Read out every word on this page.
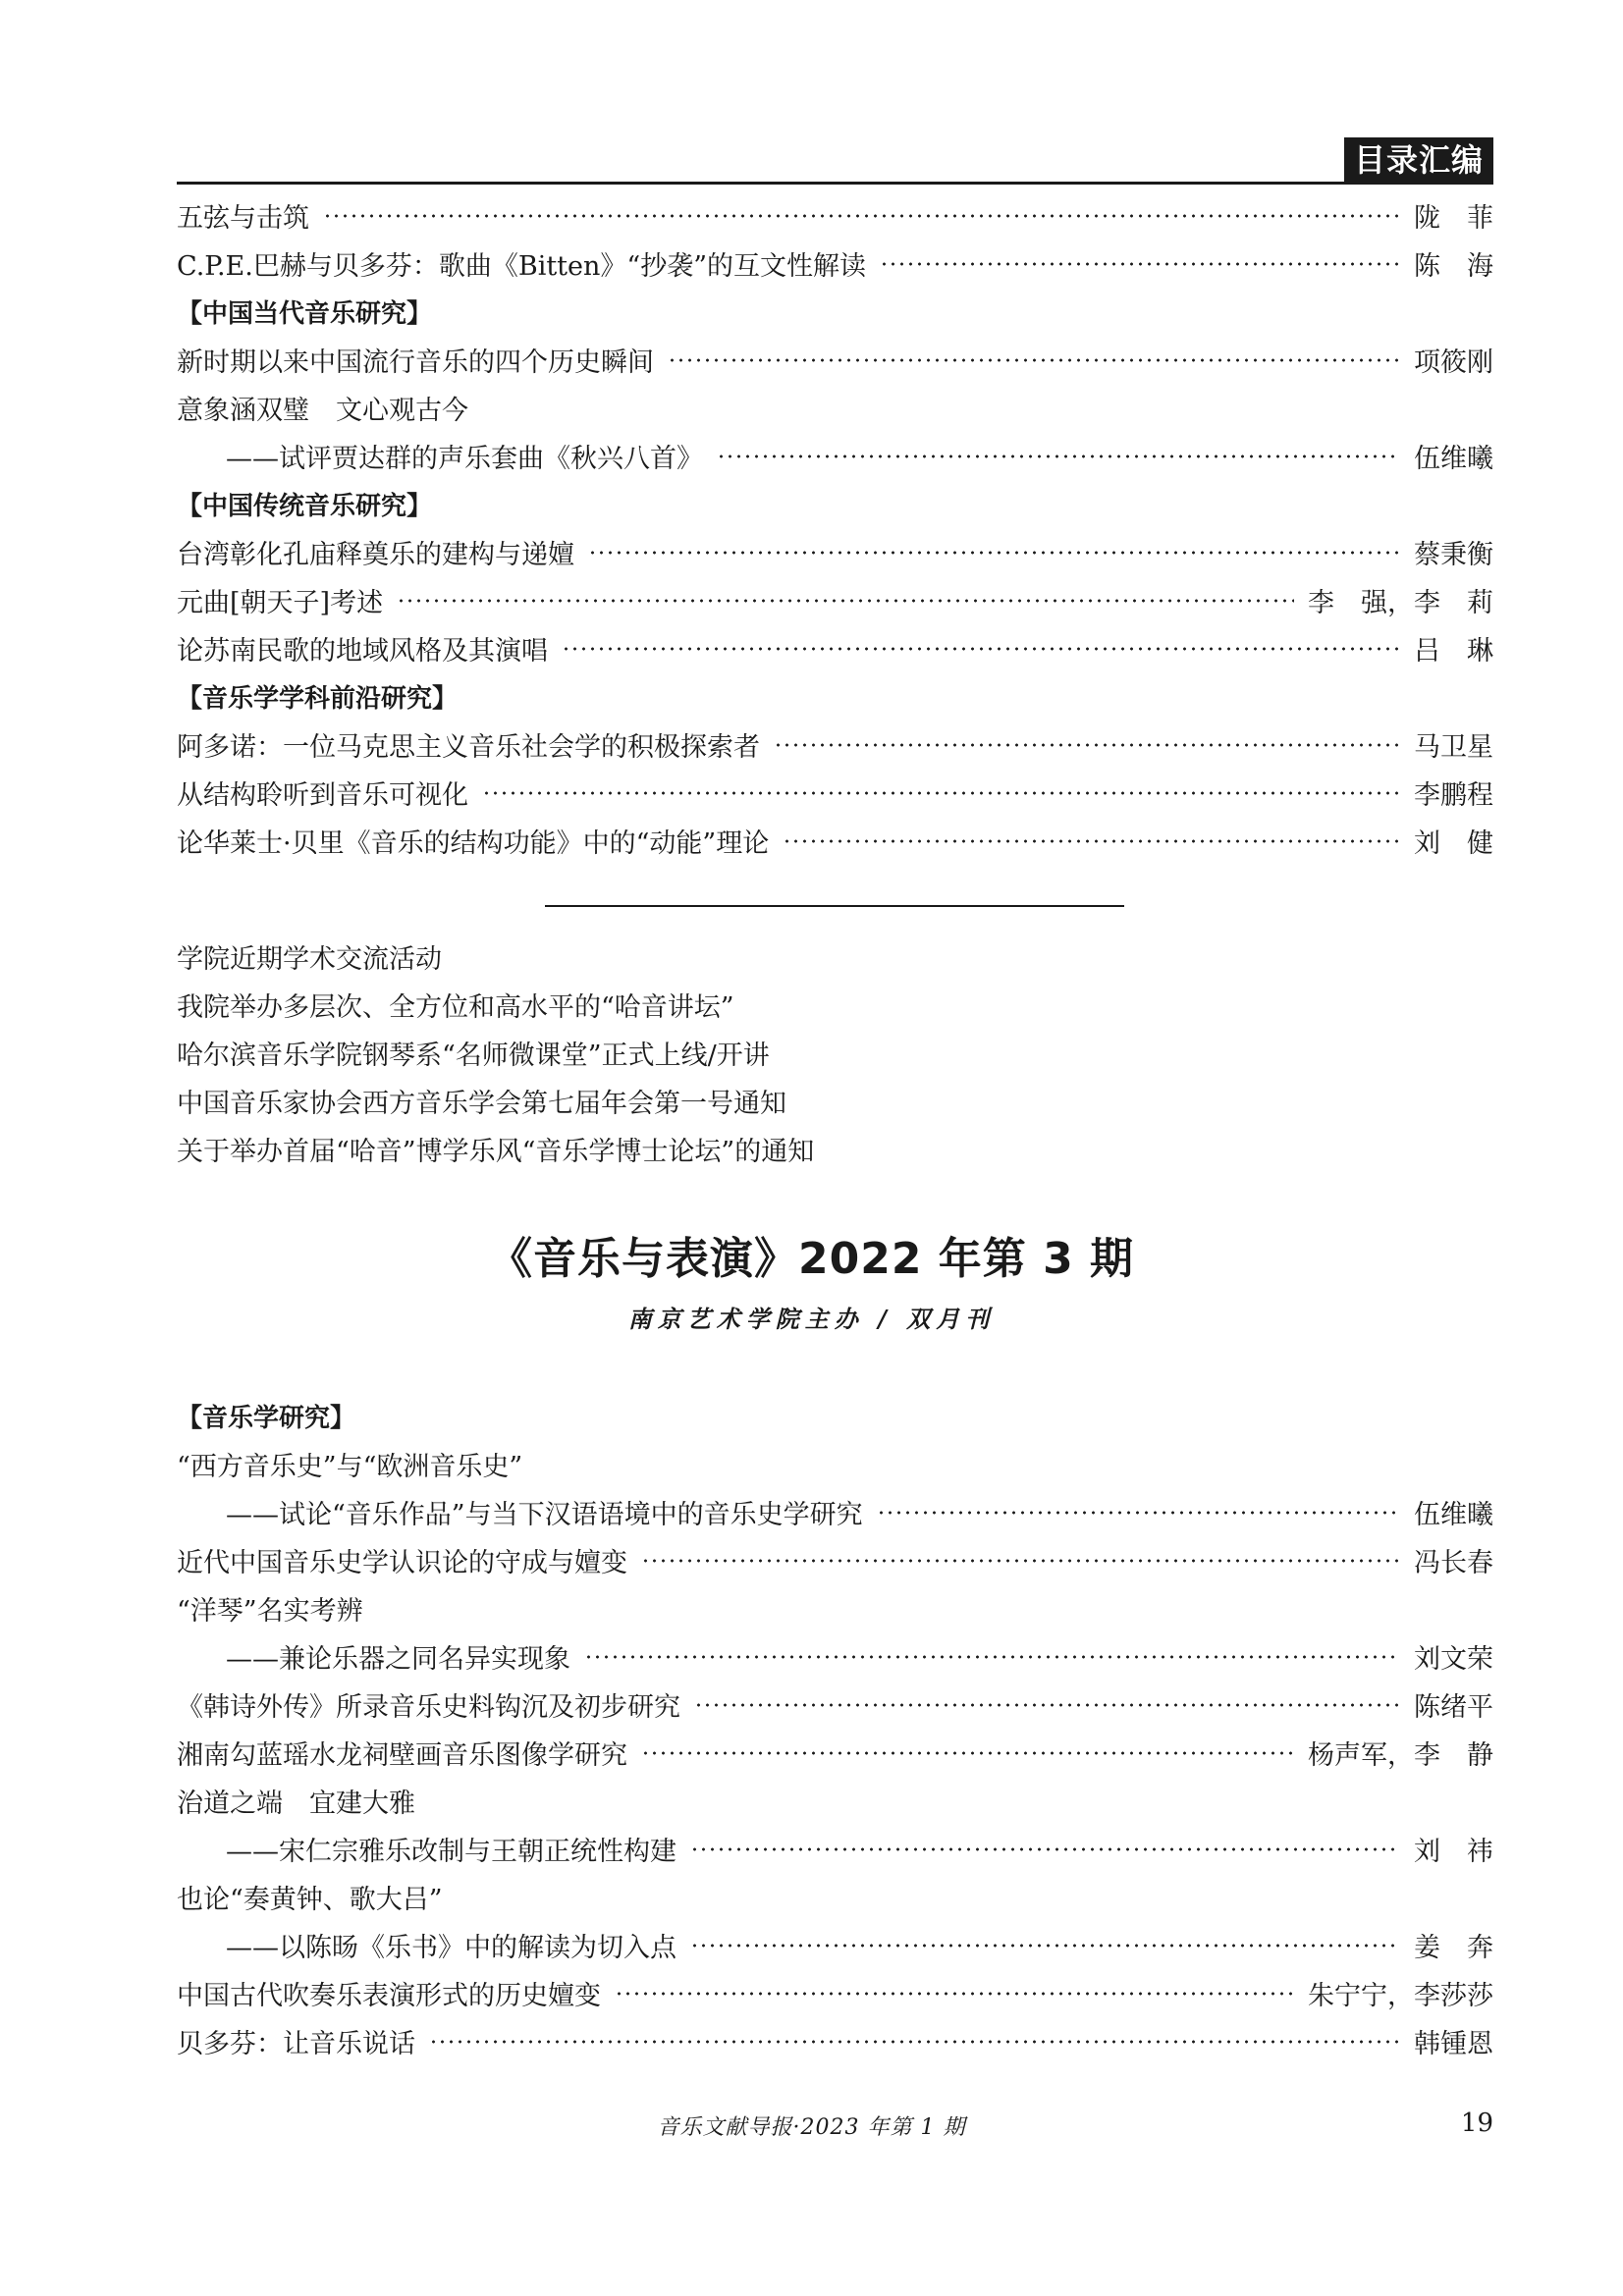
目录汇编
五弦与击筑	陇　菲
C.P.E.巴赫与贝多芬：歌曲《Bitten》“抄袭”的互文性解读	陈　海
【中国当代音乐研究】
新时期以来中国流行音乐的四个历史瞬间	项筱刚
意象涵双璧　文心观古今
——试评贾达群的声乐套曲《秋兴八首》	伍维曦
【中国传统音乐研究】
台湾彰化孔庙释奠乐的建构与递嬗	蔡秉衡
元曲[朝天子]考述	李　强，李　莉
论苏南民歌的地域风格及其演唱	吕　琳
【音乐学学科前沿研究】
阿多诺：一位马克思主义音乐社会学的积极探索者	马卫星
从结构聆听到音乐可视化	李鹏程
论华莱士·贝里《音乐的结构功能》中的“动能”理论	刘　健
学院近期学术交流活动
我院举办多层次、全方位和高水平的“哈音讲坛”
哈尔滨音乐学院钢琴系“名师微课堂”正式上线/开讲
中国音乐家协会西方音乐学会第七届年会第一号通知
关于举办首届“哈音”博学乐风“音乐学博士论坛”的通知
《音乐与表演》2022 年第 3 期
南京艺术学院主办 / 双月刊
【音乐学研究】
“西方音乐史”与“欧洲音乐史”
——试论“音乐作品”与当下汉语语境中的音乐史学研究	伍维曦
近代中国音乐史学认识论的守成与嬗变	冯长春
“洋琴”名实考辨
——兼论乐器之同名异实现象	刘文荣
《韩诗外传》所录音乐史料钩沉及初步研究	陈绪平
湘南勾蓝瑶水龙祠壁画音乐图像学研究	杨声军，李　静
治道之端　宜建大雅
——宋仁宗雅乐改制与王朝正统性构建	刘　祎
也论“奏黄钟、歌大吕”
——以陈旸《乐书》中的解读为切入点	姜　奔
中国古代吹奏乐表演形式的历史嬗变	朱宁宁，李莎莎
贝多芬：让音乐说话	韩锺恩
音乐文献导报·2023 年第 1 期	19
